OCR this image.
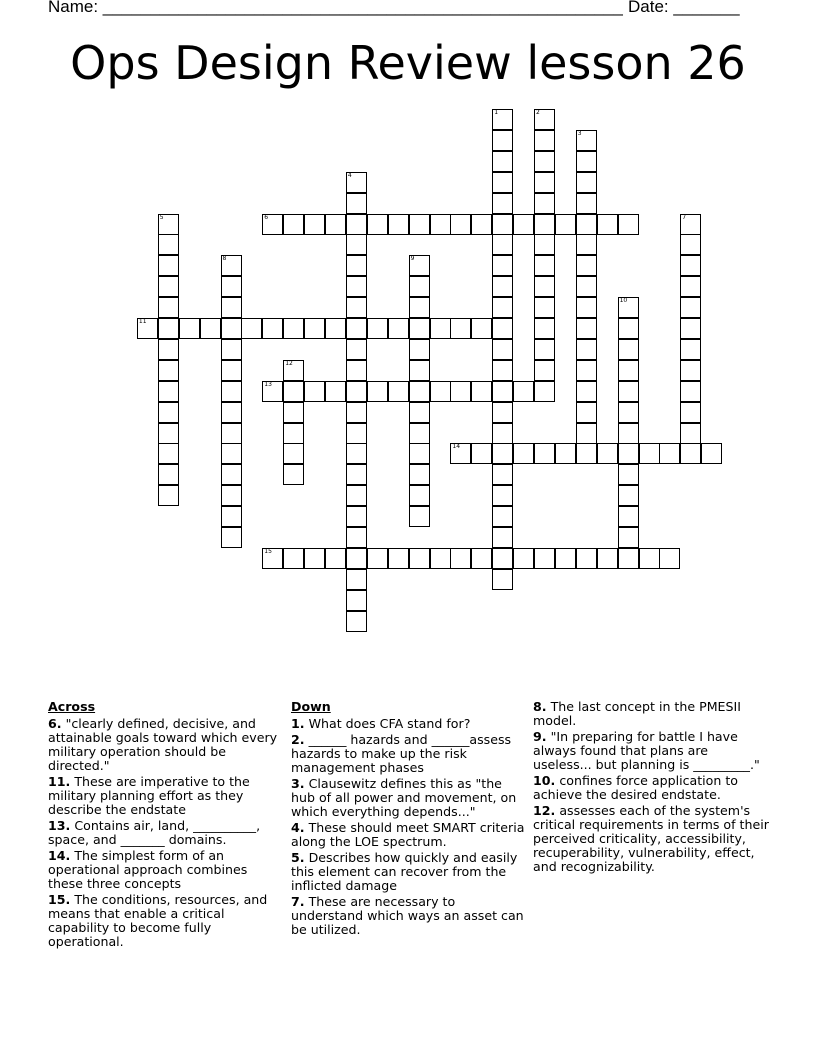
Name: _______________________________________________________ Date: _______
Ops Design Review lesson 26
1	2
3
4
5	6	7
8	9
10
11
12
13
14
15
Across
6. "clearly defined, decisive, and attainable goals toward which every military operation should be directed."
11. These are imperative to the military planning effort as they describe the endstate
13. Contains air, land, __________, space, and _______ domains.
14. The simplest form of an operational approach combines these three concepts
15. The conditions, resources, and means that enable a critical capability to become fully operational.
Down
1. What does CFA stand for?
2. ______ hazards and ______assess hazards to make up the risk management phases
3. Clausewitz defines this as "the hub of all power and movement, on which everything depends..."
4. These should meet SMART criteria along the LOE spectrum.
5. Describes how quickly and easily this element can recover from the inflicted damage
7. These are necessary to understand which ways an asset can be utilized.
8. The last concept in the PMESII model.
9. "In preparing for battle I have always found that plans are useless... but planning is _________."
10. confines force application to achieve the desired endstate.
12. assesses each of the system's critical requirements in terms of their perceived criticality, accessibility, recuperability, vulnerability, effect, and recognizability.
